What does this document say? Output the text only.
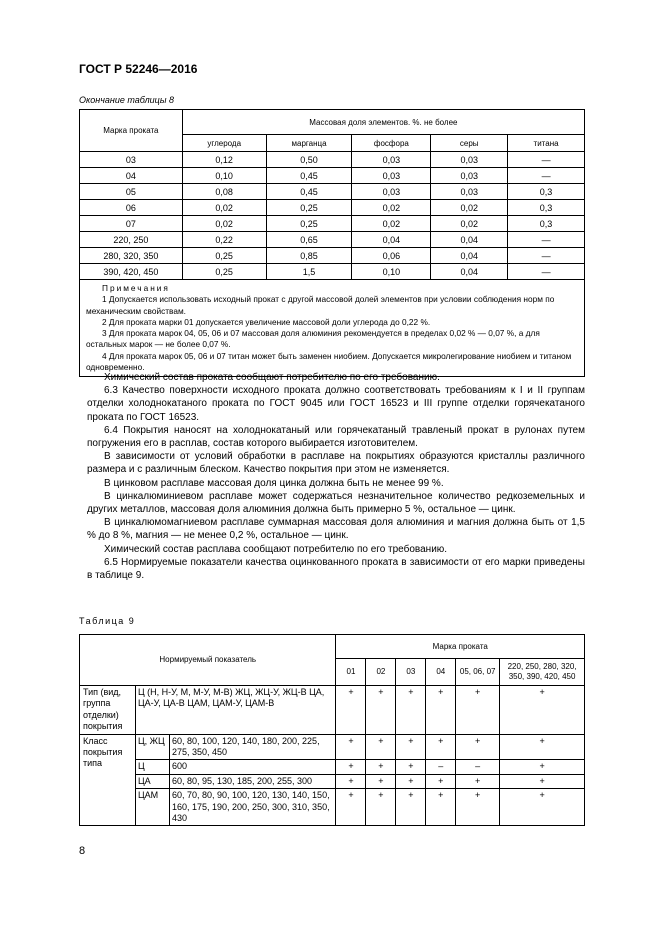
ГОСТ Р 52246—2016
Окончание таблицы 8
Марка проката	Массовая доля элементов. %. не более				
	углерода	марганца	фосфора	серы	титана
03	0,12	0,50	0,03	0,03	—
04	0,10	0,45	0,03	0,03	—
05	0,08	0,45	0,03	0,03	0,3
06	0,02	0,25	0,02	0,02	0,3
07	0,02	0,25	0,02	0,02	0,3
220, 250	0,22	0,65	0,04	0,04	—
280, 320, 350	0,25	0,85	0,06	0,04	—
390, 420, 450	0,25	1,5	0,10	0,04	—

Примечания

1 Допускается использовать исходный прокат с другой массовой долей элементов при условии соблюдения норм по механическим свойствам.

2 Для проката марки 01 допускается увеличение массовой доли углерода до 0,22 %.

3 Для проката марок 04, 05, 06 и 07 массовая доля алюминия рекомендуется в пределах 0,02 % — 0,07 %, а для остальных марок — не более 0,07 %.

4 Для проката марок 05, 06 и 07 титан может быть заменен ниобием. Допускается микролегирование ниобием и титаном одновременно.					

Химический состав проката сообщают потребителю по его требованию.

6.3 Качество поверхности исходного проката должно соответствовать требованиям к I и II группам отделки холоднокатаного проката по ГОСТ 9045 или ГОСТ 16523 и III группе отделки горячекатаного проката по ГОСТ 16523.

6.4 Покрытия наносят на холоднокатаный или горячекатаный травленый прокат в рулонах путем погружения его в расплав, состав которого выбирается изготовителем.

В зависимости от условий обработки в расплаве на покрытиях образуются кристаллы различного размера и с различным блеском. Качество покрытия при этом не изменяется.

В цинковом расплаве массовая доля цинка должна быть не менее 99 %.

В цинкалюминиевом расплаве может содержаться незначительное количество редкоземельных и других металлов, массовая доля алюминия должна быть примерно 5 %, остальное — цинк.

В цинкалюмомагниевом расплаве суммарная массовая доля алюминия и магния должна быть от 1,5 % до 8 %, магния — не менее 0,2 %, остальное — цинк.

Химический состав расплава сообщают потребителю по его требованию.

6.5 Нормируемые показатели качества оцинкованного проката в зависимости от его марки приведены в таблице 9.

Таблица 9
Нормируемый показатель			Марка проката					
			01	02	03	04	05, 06, 07	220, 250, 280, 320, 350, 390, 420, 450
Тип (вид, группа отделки) покрытия	Ц (Н, Н-У, М, М-У, М-В) ЖЦ, ЖЦ-У, ЖЦ-В ЦА, ЦА-У, ЦА-В ЦАМ, ЦАМ-У, ЦАМ-В		+	+	+	+	+	+
Класс покрытия типа	Ц, ЖЦ	60, 80, 100, 120, 140, 180, 200, 225, 275, 350, 450	+	+	+	+	+	+
	Ц	600	+	+	+	–	–	+
	ЦА	60, 80, 95, 130, 185, 200, 255, 300	+	+	+	+	+	+
	ЦАМ	60, 70, 80, 90, 100, 120, 130, 140, 150, 160, 175, 190, 200, 250, 300, 310, 350, 430	+	+	+	+	+	+
8
